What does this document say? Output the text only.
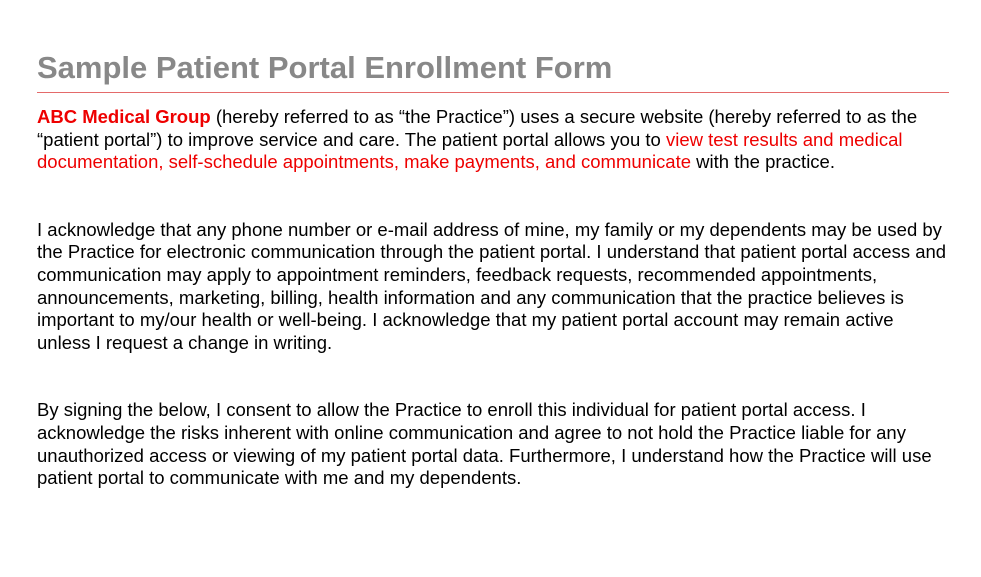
Sample Patient Portal Enrollment Form

ABC Medical Group (hereby referred to as “the Practice”) uses a secure website (hereby referred to as the “patient portal”) to improve service and care. The patient portal allows you to view test results and medical documentation, self-schedule appointments, make payments, and communicate with the practice.

I acknowledge that any phone number or e-mail address of mine, my family or my dependents may be used by the Practice for electronic communication through the patient portal. I understand that patient portal access and communication may apply to appointment reminders, feedback requests, recommended appointments, announcements, marketing, billing, health information and any communication that the practice believes is important to my/our health or well-being. I acknowledge that my patient portal account may remain active unless I request a change in writing.

By signing the below, I consent to allow the Practice to enroll this individual for patient portal access. I acknowledge the risks inherent with online communication and agree to not hold the Practice liable for any unauthorized access or viewing of my patient portal data. Furthermore, I understand how the Practice will use patient portal to communicate with me and my dependents.
